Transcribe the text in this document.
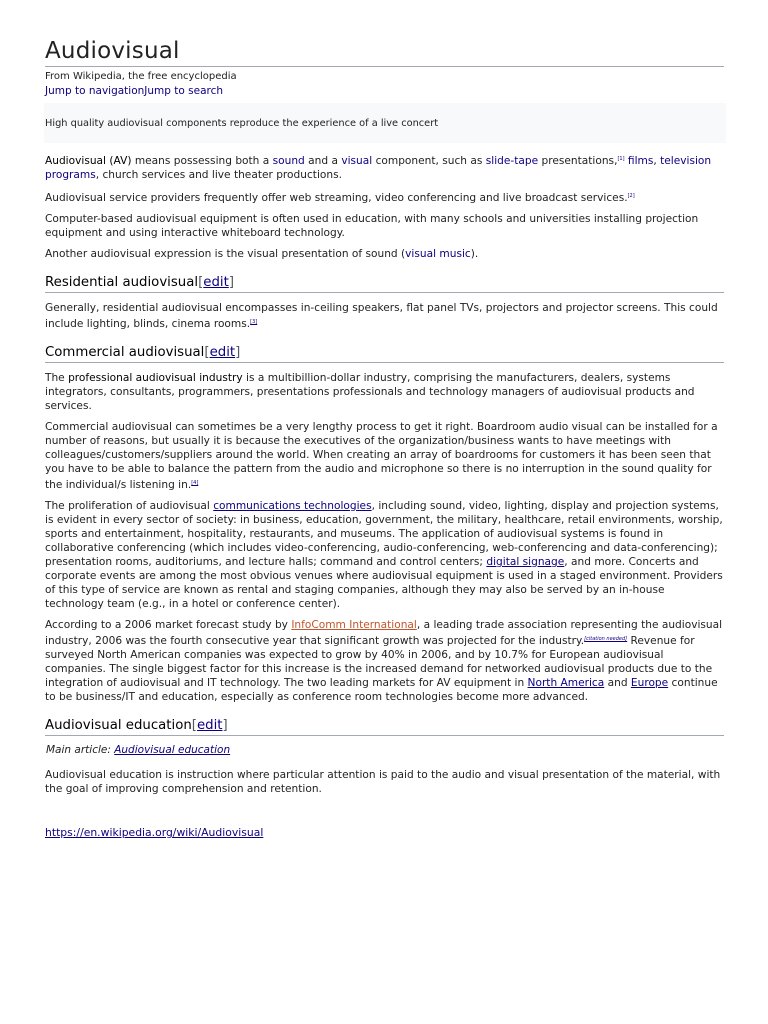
Audiovisual
From Wikipedia, the free encyclopedia
Jump to navigationJump to search
High quality audiovisual components reproduce the experience of a live concert

Audiovisual (AV) means possessing both a sound and a visual component, such as slide-tape presentations,[1] films, television programs, church services and live theater productions.

Audiovisual service providers frequently offer web streaming, video conferencing and live broadcast services.[2]

Computer-based audiovisual equipment is often used in education, with many schools and universities installing projection equipment and using interactive whiteboard technology.

Another audiovisual expression is the visual presentation of sound (visual music).

Residential audiovisual[edit]

Generally, residential audiovisual encompasses in-ceiling speakers, flat panel TVs, projectors and projector screens. This could include lighting, blinds, cinema rooms.[3]

Commercial audiovisual[edit]

The professional audiovisual industry is a multibillion-dollar industry, comprising the manufacturers, dealers, systems integrators, consultants, programmers, presentations professionals and technology managers of audiovisual products and services.

Commercial audiovisual can sometimes be a very lengthy process to get it right. Boardroom audio visual can be installed for a number of reasons, but usually it is because the executives of the organization/business wants to have meetings with colleagues/customers/suppliers around the world. When creating an array of boardrooms for customers it has been seen that you have to be able to balance the pattern from the audio and microphone so there is no interruption in the sound quality for the individual/s listening in.[4]

The proliferation of audiovisual communications technologies, including sound, video, lighting, display and projection systems, is evident in every sector of society: in business, education, government, the military, healthcare, retail environments, worship, sports and entertainment, hospitality, restaurants, and museums. The application of audiovisual systems is found in collaborative conferencing (which includes video-conferencing, audio-conferencing, web-conferencing and data-conferencing); presentation rooms, auditoriums, and lecture halls; command and control centers; digital signage, and more. Concerts and corporate events are among the most obvious venues where audiovisual equipment is used in a staged environment. Providers of this type of service are known as rental and staging companies, although they may also be served by an in-house technology team (e.g., in a hotel or conference center).

According to a 2006 market forecast study by InfoComm International, a leading trade association representing the audiovisual industry, 2006 was the fourth consecutive year that significant growth was projected for the industry.[citation needed] Revenue for surveyed North American companies was expected to grow by 40% in 2006, and by 10.7% for European audiovisual companies. The single biggest factor for this increase is the increased demand for networked audiovisual products due to the integration of audiovisual and IT technology. The two leading markets for AV equipment in North America and Europe continue to be business/IT and education, especially as conference room technologies become more advanced.

Audiovisual education[edit]
Main article: Audiovisual education

Audiovisual education is instruction where particular attention is paid to the audio and visual presentation of the material, with the goal of improving comprehension and retention.

https://en.wikipedia.org/wiki/Audiovisual
